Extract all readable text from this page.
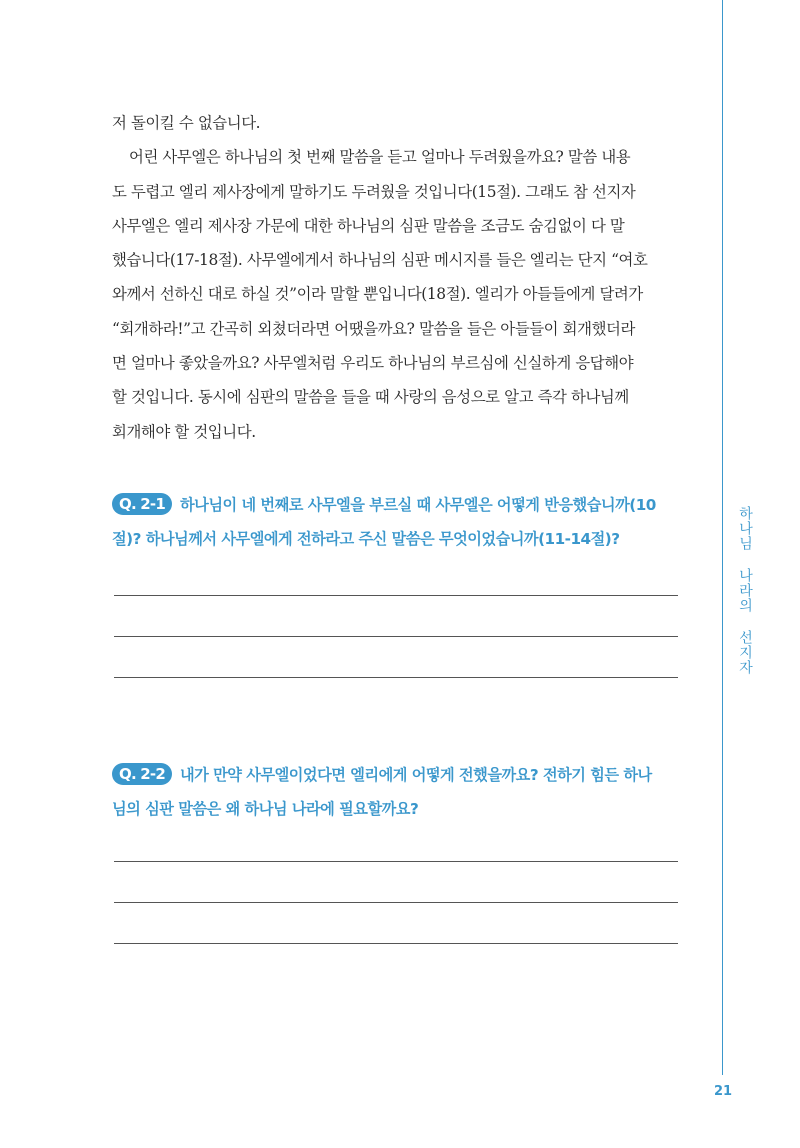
저 돌이킬 수 없습니다.

어린 사무엘은 하나님의 첫 번째 말씀을 듣고 얼마나 두려웠을까요? 말씀 내용

도 두렵고 엘리 제사장에게 말하기도 두려웠을 것입니다(15절). 그래도 참 선지자

사무엘은 엘리 제사장 가문에 대한 하나님의 심판 말씀을 조금도 숨김없이 다 말

했습니다(17-18절). 사무엘에게서 하나님의 심판 메시지를 들은 엘리는 단지 “여호

와께서 선하신 대로 하실 것”이라 말할 뿐입니다(18절). 엘리가 아들들에게 달려가

“회개하라!”고 간곡히 외쳤더라면 어땠을까요? 말씀을 들은 아들들이 회개했더라

면 얼마나 좋았을까요? 사무엘처럼 우리도 하나님의 부르심에 신실하게 응답해야

할 것입니다. 동시에 심판의 말씀을 들을 때 사랑의 음성으로 알고 즉각 하나님께

회개해야 할 것입니다.

Q. 2-1 하나님이 네 번째로 사무엘을 부르실 때 사무엘은 어떻게 반응했습니까(10

절)? 하나님께서 사무엘에게 전하라고 주신 말씀은 무엇이었습니까(11-14절)?

Q. 2-2 내가 만약 사무엘이었다면 엘리에게 어떻게 전했을까요? 전하기 힘든 하나

님의 심판 말씀은 왜 하나님 나라에 필요할까요?

하나님 나라의 선지자
21
